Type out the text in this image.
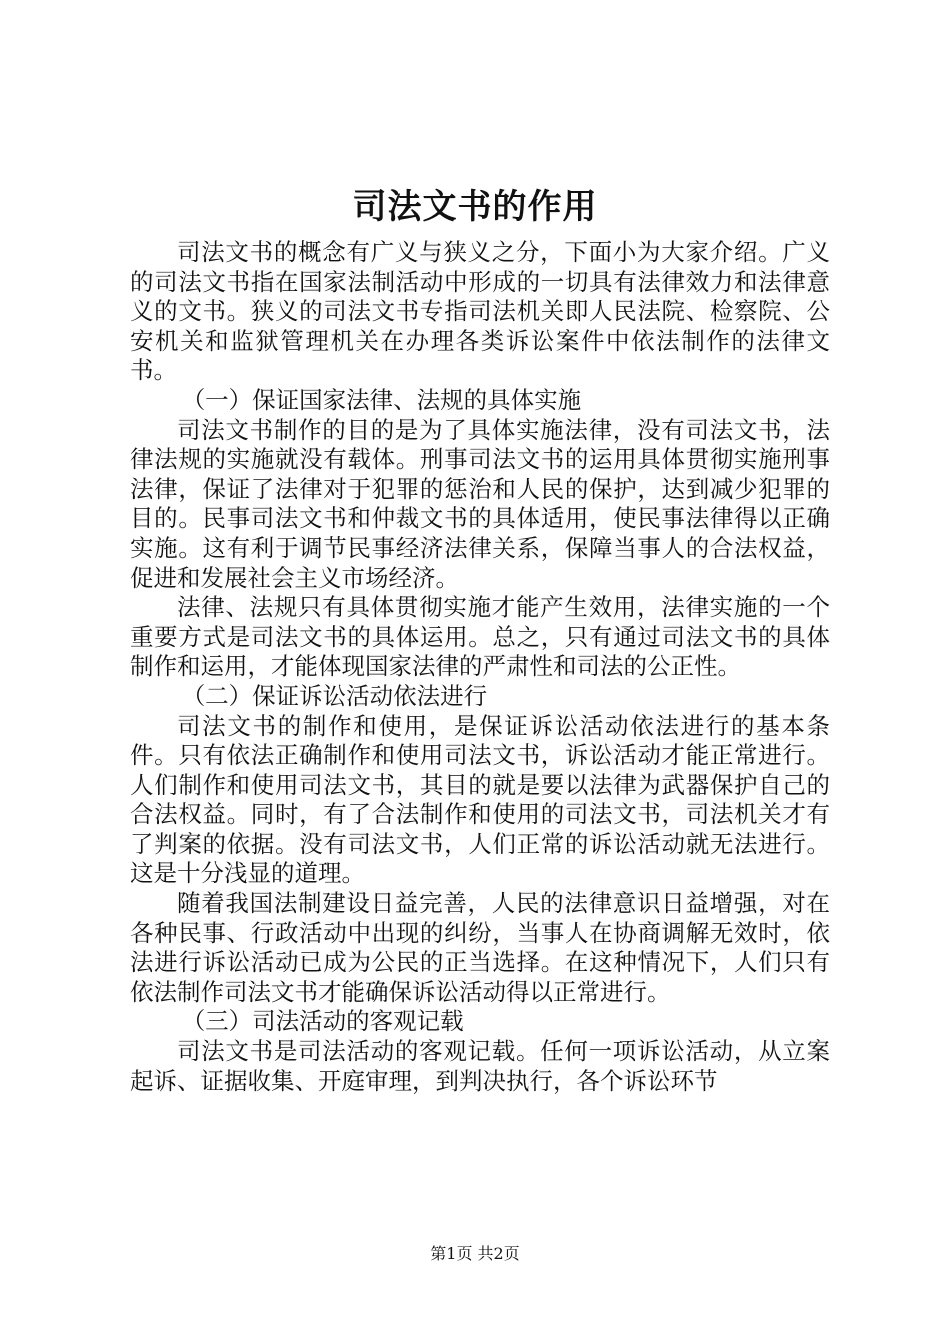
司法文书的作用

司法文书的概念有广义与狭义之分，下面小为大家介绍。广义的司法文书指在国家法制活动中形成的一切具有法律效力和法律意义的文书。狭义的司法文书专指司法机关即人民法院、检察院、公安机关和监狱管理机关在办理各类诉讼案件中依法制作的法律文书。

（一）保证国家法律、法规的具体实施

司法文书制作的目的是为了具体实施法律，没有司法文书，法律法规的实施就没有载体。刑事司法文书的运用具体贯彻实施刑事法律，保证了法律对于犯罪的惩治和人民的保护，达到减少犯罪的目的。民事司法文书和仲裁文书的具体适用，使民事法律得以正确实施。这有利于调节民事经济法律关系，保障当事人的合法权益，促进和发展社会主义市场经济。

法律、法规只有具体贯彻实施才能产生效用，法律实施的一个重要方式是司法文书的具体运用。总之，只有通过司法文书的具体制作和运用，才能体现国家法律的严肃性和司法的公正性。

（二）保证诉讼活动依法进行

司法文书的制作和使用，是保证诉讼活动依法进行的基本条件。只有依法正确制作和使用司法文书，诉讼活动才能正常进行。人们制作和使用司法文书，其目的就是要以法律为武器保护自己的合法权益。同时，有了合法制作和使用的司法文书，司法机关才有了判案的依据。没有司法文书，人们正常的诉讼活动就无法进行。这是十分浅显的道理。

随着我国法制建设日益完善，人民的法律意识日益增强，对在各种民事、行政活动中出现的纠纷，当事人在协商调解无效时，依法进行诉讼活动已成为公民的正当选择。在这种情况下，人们只有依法制作司法文书才能确保诉讼活动得以正常进行。

（三）司法活动的客观记载

司法文书是司法活动的客观记载。任何一项诉讼活动，从立案起诉、证据收集、开庭审理，到判决执行，各个诉讼环节

第1页 共2页
